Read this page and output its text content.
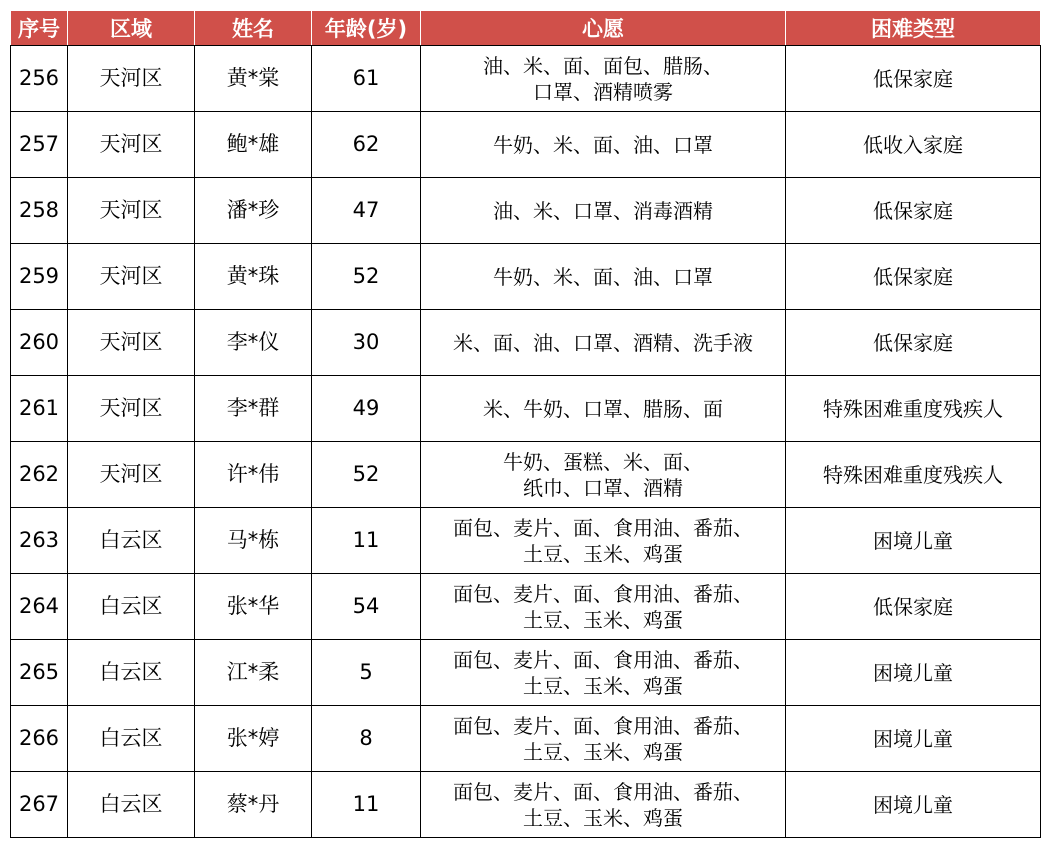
序号	区域	姓名	年龄(岁)	心愿	困难类型
256	天河区	黄*棠	61	油、米、面、面包、腊肠、
口罩、酒精喷雾	低保家庭
257	天河区	鲍*雄	62	牛奶、米、面、油、口罩	低收入家庭
258	天河区	潘*珍	47	油、米、口罩、消毒酒精	低保家庭
259	天河区	黄*珠	52	牛奶、米、面、油、口罩	低保家庭
260	天河区	李*仪	30	米、面、油、口罩、酒精、洗手液	低保家庭
261	天河区	李*群	49	米、牛奶、口罩、腊肠、面	特殊困难重度残疾人
262	天河区	许*伟	52	牛奶、蛋糕、米、面、
纸巾、口罩、酒精	特殊困难重度残疾人
263	白云区	马*栋	11	面包、麦片、面、食用油、番茄、
土豆、玉米、鸡蛋	困境儿童
264	白云区	张*华	54	面包、麦片、面、食用油、番茄、
土豆、玉米、鸡蛋	低保家庭
265	白云区	江*柔	5	面包、麦片、面、食用油、番茄、
土豆、玉米、鸡蛋	困境儿童
266	白云区	张*婷	8	面包、麦片、面、食用油、番茄、
土豆、玉米、鸡蛋	困境儿童
267	白云区	蔡*丹	11	面包、麦片、面、食用油、番茄、
土豆、玉米、鸡蛋	困境儿童
